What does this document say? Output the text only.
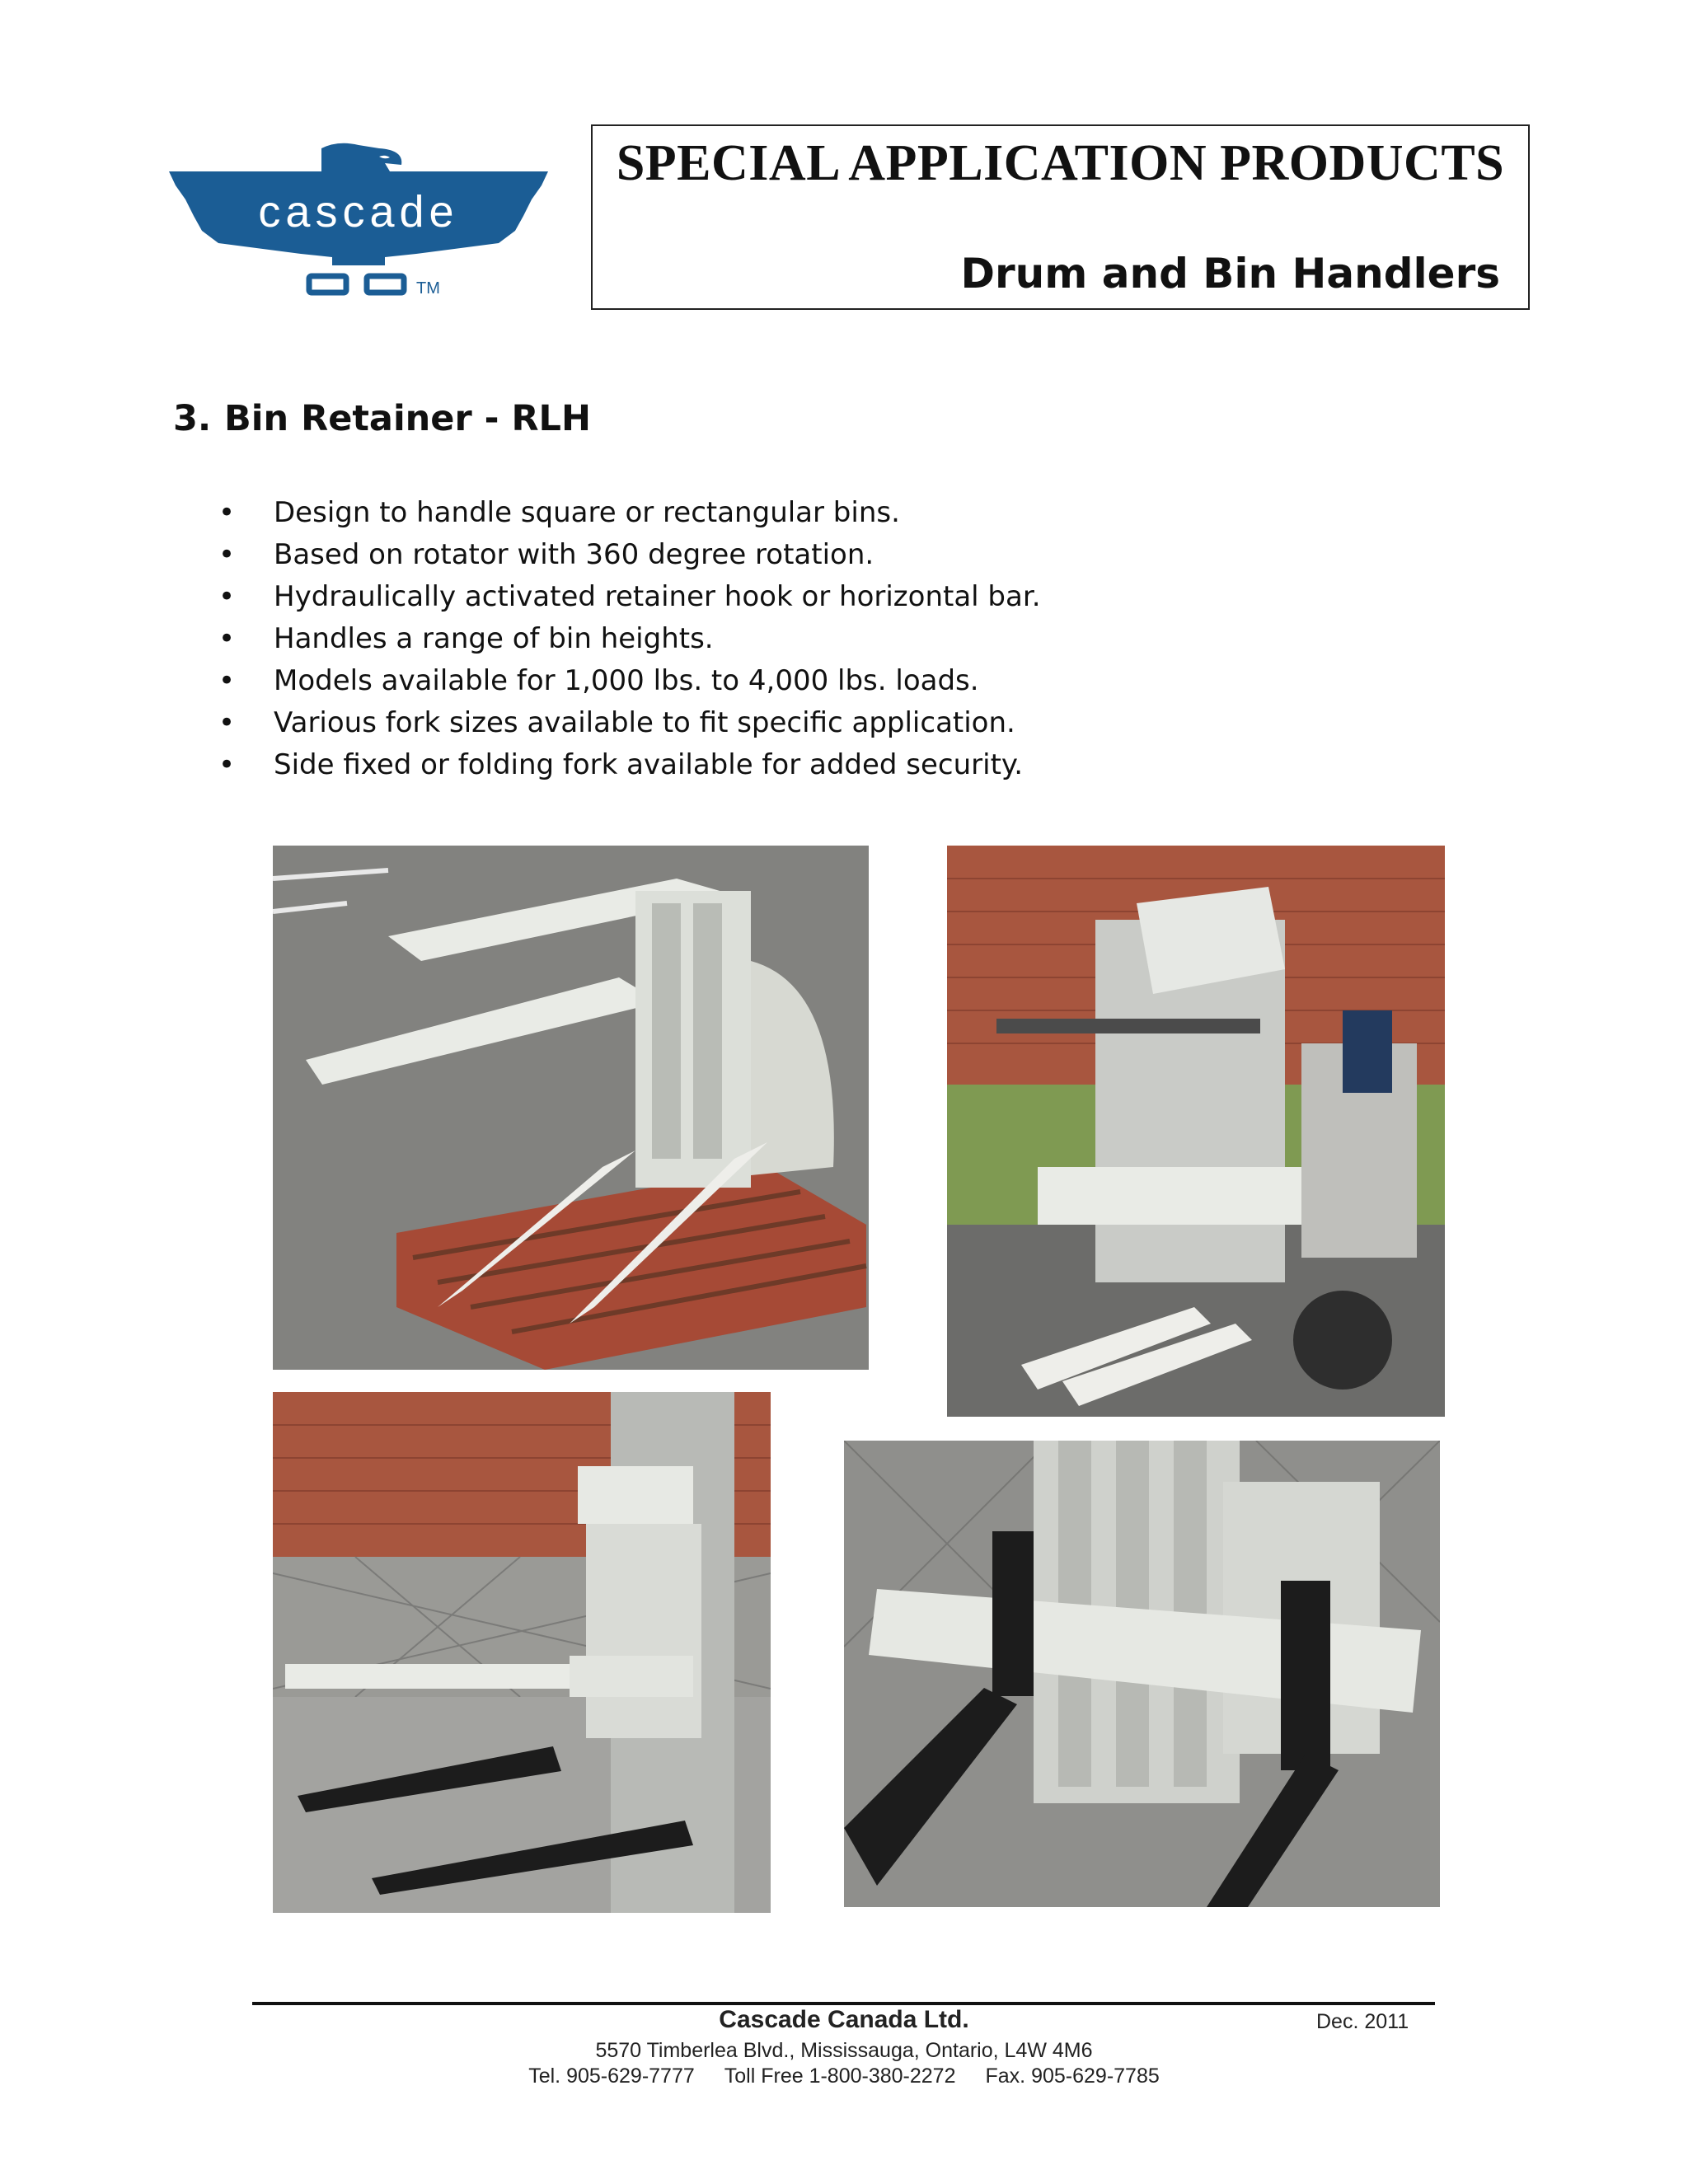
cascade
TM
SPECIAL APPLICATION PRODUCTS
Drum and Bin Handlers
3. Bin Retainer - RLH
• Design to handle square or rectangular bins.
• Based on rotator with 360 degree rotation.
• Hydraulically activated retainer hook or horizontal bar.
• Handles a range of bin heights.
• Models available for 1,000 lbs. to 4,000 lbs. loads.
• Various fork sizes available to fit specific application.
• Side fixed or folding fork available for added security.
Cascade Canada Ltd.	Dec. 2011
5570 Timberlea Blvd., Mississauga, Ontario, L4W 4M6
Tel. 905-629-7777 Toll Free 1-800-380-2272 Fax. 905-629-7785
